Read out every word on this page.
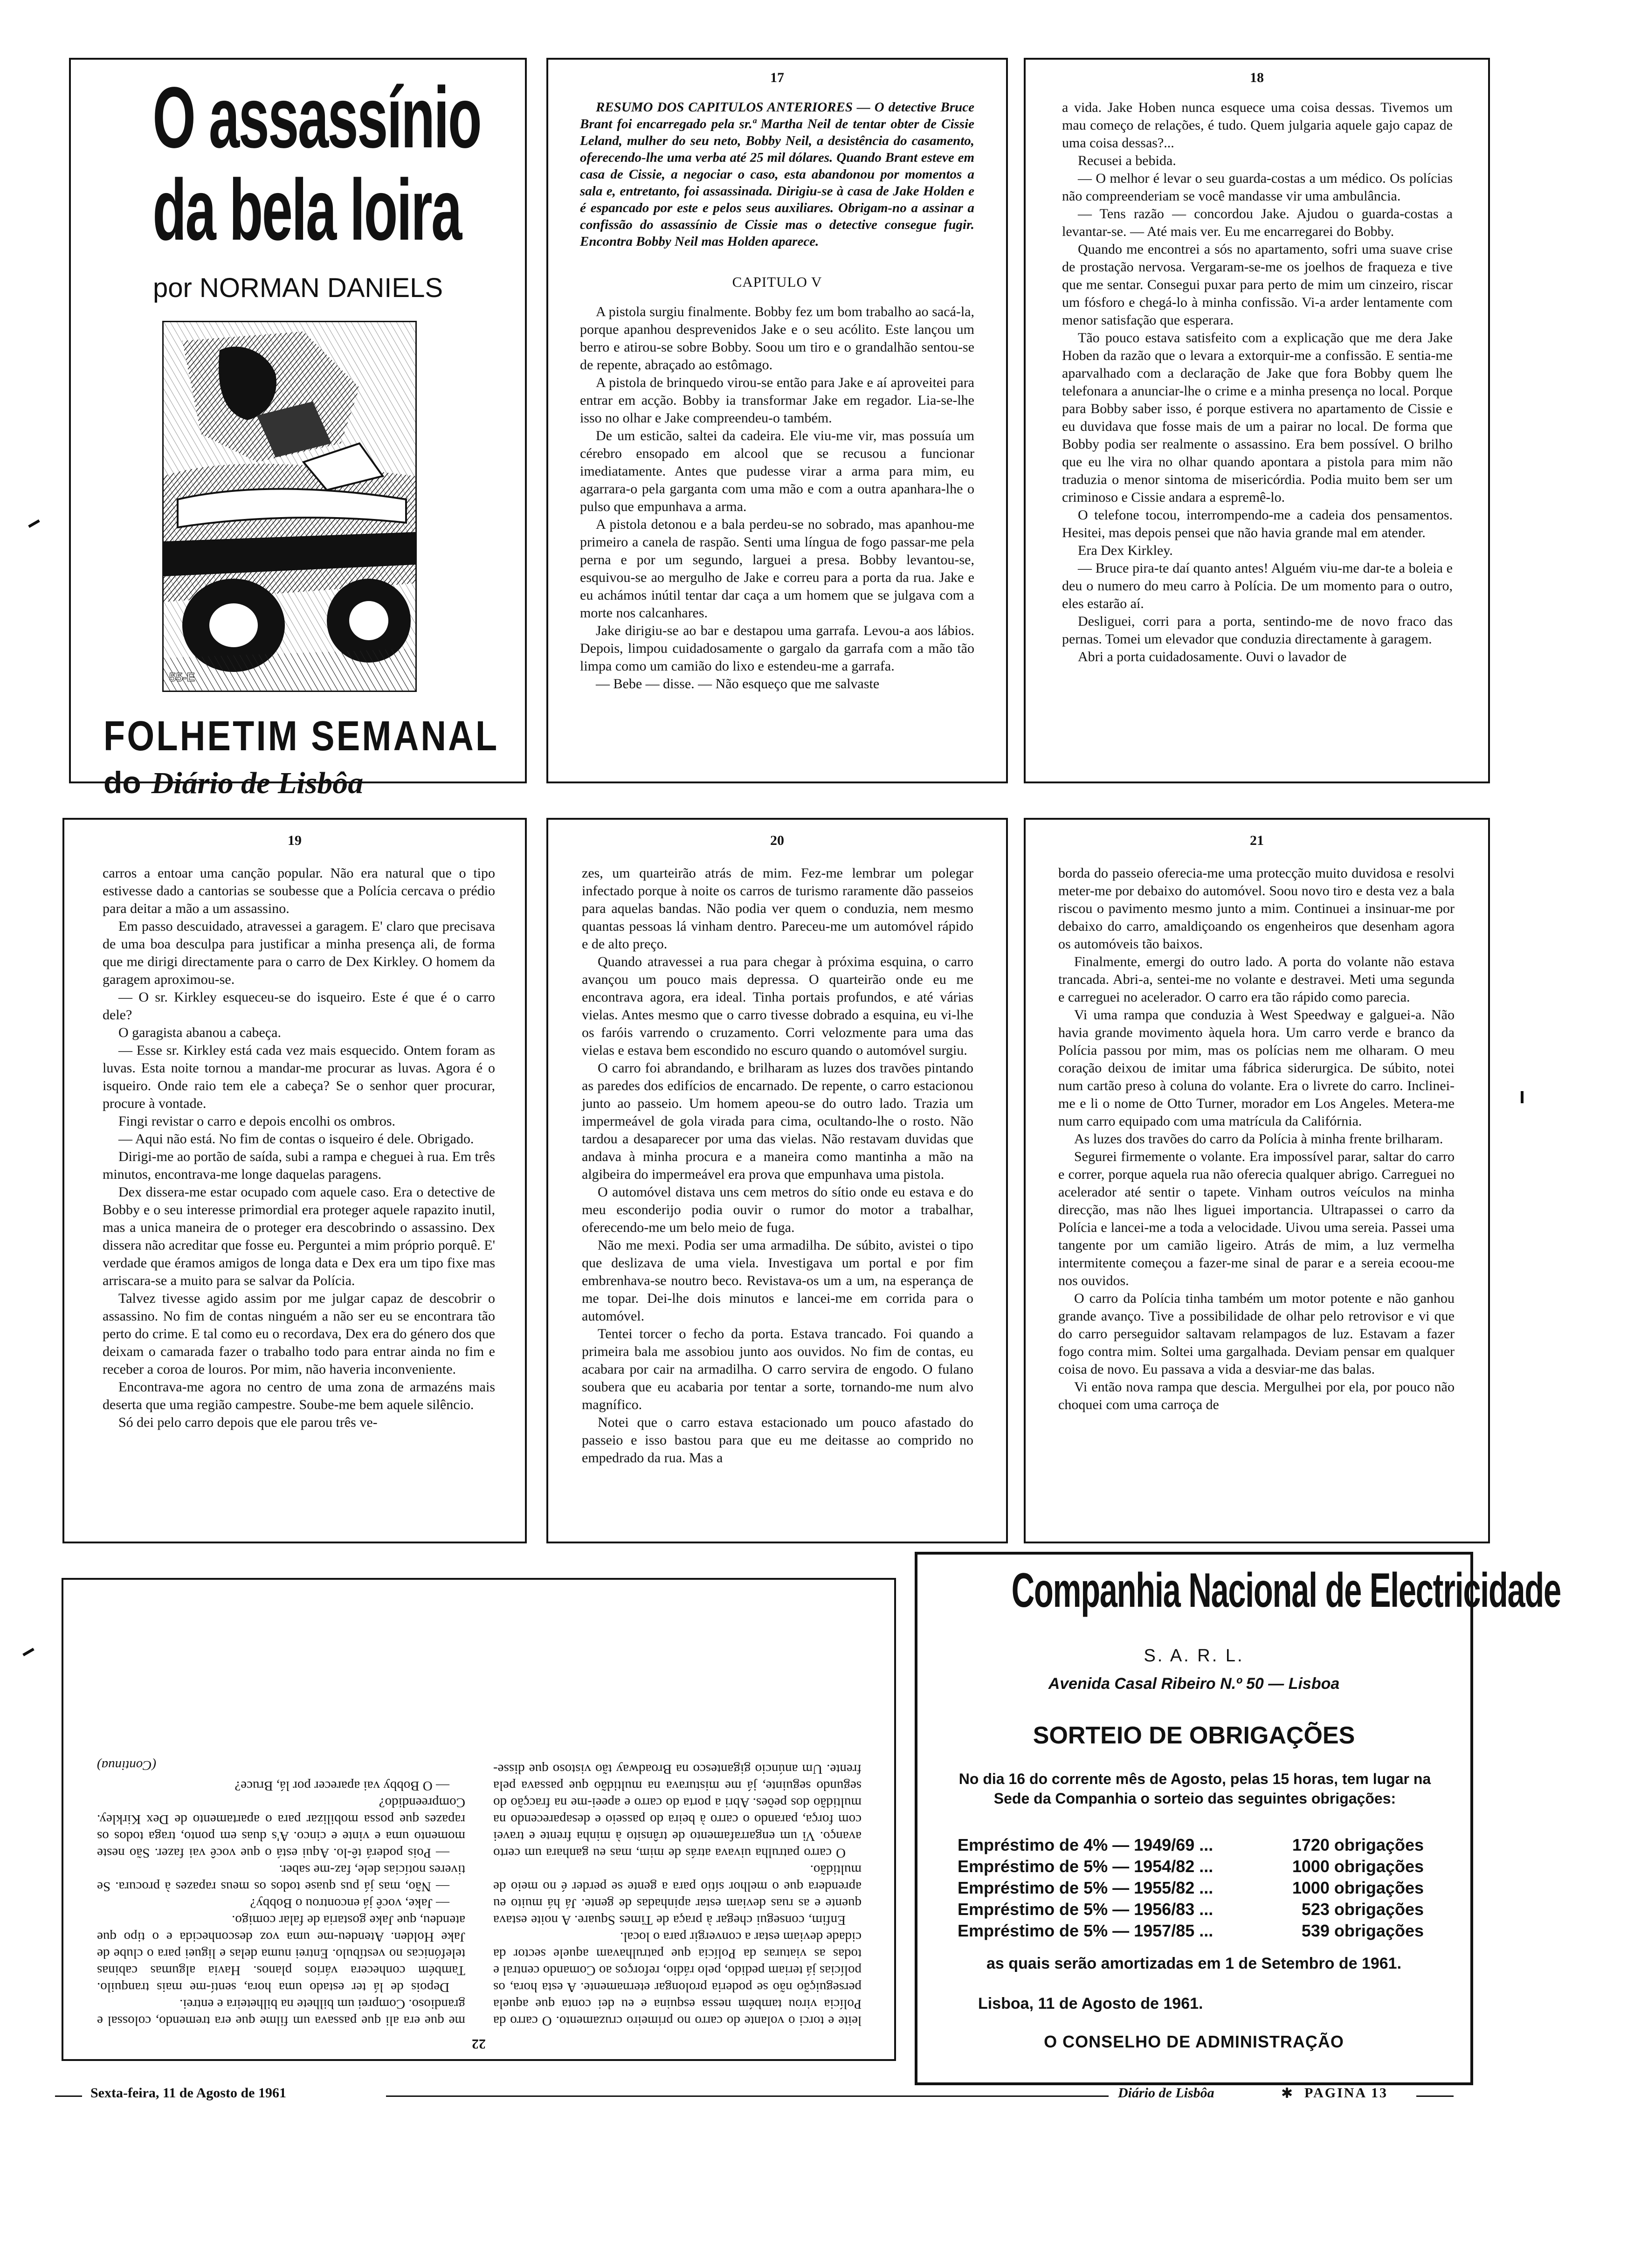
O assassínio
da bela loira
por NORMAN DANIELS
55-E
FOLHETIM SEMANAL
do Diário de Lisbôa
17

RESUMO DOS CAPITULOS ANTERIORES — O detective Bruce Brant foi encarregado pela sr.ª Martha Neil de tentar obter de Cissie Leland, mulher do seu neto, Bobby Neil, a desistência do casamento, oferecendo-lhe uma verba até 25 mil dólares. Quando Brant esteve em casa de Cissie, a negociar o caso, esta abandonou por momentos a sala e, entretanto, foi assassinada. Dirigiu-se à casa de Jake Holden e é espancado por este e pelos seus auxiliares. Obrigam-no a assinar a confissão do assassínio de Cissie mas o detective consegue fugir. Encontra Bobby Neil mas Holden aparece.

CAPITULO V

A pistola surgiu finalmente. Bobby fez um bom trabalho ao sacá-la, porque apanhou desprevenidos Jake e o seu acólito. Este lançou um berro e atirou-se sobre Bobby. Soou um tiro e o grandalhão sentou-se de repente, abraçado ao estômago.

A pistola de brinquedo virou-se então para Jake e aí aproveitei para entrar em acção. Bobby ia transformar Jake em regador. Lia-se-lhe isso no olhar e Jake compreendeu-o também.

De um esticão, saltei da cadeira. Ele viu-me vir, mas possuía um cérebro ensopado em alcool que se recusou a funcionar imediatamente. Antes que pudesse virar a arma para mim, eu agarrara-o pela garganta com uma mão e com a outra apanhara-lhe o pulso que empunhava a arma.

A pistola detonou e a bala perdeu-se no sobrado, mas apanhou-me primeiro a canela de raspão. Senti uma língua de fogo passar-me pela perna e por um segundo, larguei a presa. Bobby levantou-se, esquivou-se ao mergulho de Jake e correu para a porta da rua. Jake e eu achámos inútil tentar dar caça a um homem que se julgava com a morte nos calcanhares.

Jake dirigiu-se ao bar e destapou uma garrafa. Levou-a aos lábios. Depois, limpou cuidadosamente o gargalo da garrafa com a mão tão limpa como um camião do lixo e estendeu-me a garrafa.

— Bebe — disse. — Não esqueço que me salvaste

18

a vida. Jake Hoben nunca esquece uma coisa dessas. Tivemos um mau começo de relações, é tudo. Quem julgaria aquele gajo capaz de uma coisa dessas?...

Recusei a bebida.

— O melhor é levar o seu guarda-costas a um médico. Os polícias não compreenderiam se você mandasse vir uma ambulância.

— Tens razão — concordou Jake. Ajudou o guarda-costas a levantar-se. — Até mais ver. Eu me encarregarei do Bobby.

Quando me encontrei a sós no apartamento, sofri uma suave crise de prostação nervosa. Vergaram-se-me os joelhos de fraqueza e tive que me sentar. Consegui puxar para perto de mim um cinzeiro, riscar um fósforo e chegá-lo à minha confissão. Vi-a arder lentamente com menor satisfação que esperara.

Tão pouco estava satisfeito com a explicação que me dera Jake Hoben da razão que o levara a extorquir-me a confissão. E sentia-me aparvalhado com a declaração de Jake que fora Bobby quem lhe telefonara a anunciar-lhe o crime e a minha presença no local. Porque para Bobby saber isso, é porque estivera no apartamento de Cissie e eu duvidava que fosse mais de um a pairar no local. De forma que Bobby podia ser realmente o assassino. Era bem possível. O brilho que eu lhe vira no olhar quando apontara a pistola para mim não traduzia o menor sintoma de misericórdia. Podia muito bem ser um criminoso e Cissie andara a espremê-lo.

O telefone tocou, interrompendo-me a cadeia dos pensamentos. Hesitei, mas depois pensei que não havia grande mal em atender.

Era Dex Kirkley.

— Bruce pira-te daí quanto antes! Alguém viu-me dar-te a boleia e deu o numero do meu carro à Polícia. De um momento para o outro, eles estarão aí.

Desliguei, corri para a porta, sentindo-me de novo fraco das pernas. Tomei um elevador que conduzia directamente à garagem.

Abri a porta cuidadosamente. Ouvi o lavador de

19

carros a entoar uma canção popular. Não era natural que o tipo estivesse dado a cantorias se soubesse que a Polícia cercava o prédio para deitar a mão a um assassino.

Em passo descuidado, atravessei a garagem. E' claro que precisava de uma boa desculpa para justificar a minha presença ali, de forma que me dirigi directamente para o carro de Dex Kirkley. O homem da garagem aproximou-se.

— O sr. Kirkley esqueceu-se do isqueiro. Este é que é o carro dele?

O garagista abanou a cabeça.

— Esse sr. Kirkley está cada vez mais esquecido. Ontem foram as luvas. Esta noite tornou a mandar-me procurar as luvas. Agora é o isqueiro. Onde raio tem ele a cabeça? Se o senhor quer procurar, procure à vontade.

Fingi revistar o carro e depois encolhi os ombros.

— Aqui não está. No fim de contas o isqueiro é dele. Obrigado.

Dirigi-me ao portão de saída, subi a rampa e cheguei à rua. Em três minutos, encontrava-me longe daquelas paragens.

Dex dissera-me estar ocupado com aquele caso. Era o detective de Bobby e o seu interesse primordial era proteger aquele rapazito inutil, mas a unica maneira de o proteger era descobrindo o assassino. Dex dissera não acreditar que fosse eu. Perguntei a mim próprio porquê. E' verdade que éramos amigos de longa data e Dex era um tipo fixe mas arriscara-se a muito para se salvar da Polícia.

Talvez tivesse agido assim por me julgar capaz de descobrir o assassino. No fim de contas ninguém a não ser eu se encontrara tão perto do crime. E tal como eu o recordava, Dex era do género dos que deixam o camarada fazer o trabalho todo para entrar ainda no fim e receber a coroa de louros. Por mim, não haveria inconveniente.

Encontrava-me agora no centro de uma zona de armazéns mais deserta que uma região campestre. Soube-me bem aquele silêncio.

Só dei pelo carro depois que ele parou três ve-

20

zes, um quarteirão atrás de mim. Fez-me lembrar um polegar infectado porque à noite os carros de turismo raramente dão passeios para aquelas bandas. Não podia ver quem o conduzia, nem mesmo quantas pessoas lá vinham dentro. Pareceu-me um automóvel rápido e de alto preço.

Quando atravessei a rua para chegar à próxima esquina, o carro avançou um pouco mais depressa. O quarteirão onde eu me encontrava agora, era ideal. Tinha portais profundos, e até várias vielas. Antes mesmo que o carro tivesse dobrado a esquina, eu vi-lhe os faróis varrendo o cruzamento. Corri velozmente para uma das vielas e estava bem escondido no escuro quando o automóvel surgiu.

O carro foi abrandando, e brilharam as luzes dos travões pintando as paredes dos edifícios de encarnado. De repente, o carro estacionou junto ao passeio. Um homem apeou-se do outro lado. Trazia um impermeável de gola virada para cima, ocultando-lhe o rosto. Não tardou a desaparecer por uma das vielas. Não restavam duvidas que andava à minha procura e a maneira como mantinha a mão na algibeira do impermeável era prova que empunhava uma pistola.

O automóvel distava uns cem metros do sítio onde eu estava e do meu esconderijo podia ouvir o rumor do motor a trabalhar, oferecendo-me um belo meio de fuga.

Não me mexi. Podia ser uma armadilha. De súbito, avistei o tipo que deslizava de uma viela. Investigava um portal e por fim embrenhava-se noutro beco. Revistava-os um a um, na esperança de me topar. Dei-lhe dois minutos e lancei-me em corrida para o automóvel.

Tentei torcer o fecho da porta. Estava trancado. Foi quando a primeira bala me assobiou junto aos ouvidos. No fim de contas, eu acabara por cair na armadilha. O carro servira de engodo. O fulano soubera que eu acabaria por tentar a sorte, tornando-me num alvo magnífico.

Notei que o carro estava estacionado um pouco afastado do passeio e isso bastou para que eu me deitasse ao comprido no empedrado da rua. Mas a

21

borda do passeio oferecia-me uma protecção muito duvidosa e resolvi meter-me por debaixo do automóvel. Soou novo tiro e desta vez a bala riscou o pavimento mesmo junto a mim. Continuei a insinuar-me por debaixo do carro, amaldiçoando os engenheiros que desenham agora os automóveis tão baixos.

Finalmente, emergi do outro lado. A porta do volante não estava trancada. Abri-a, sentei-me no volante e destravei. Meti uma segunda e carreguei no acelerador. O carro era tão rápido como parecia.

Vi uma rampa que conduzia à West Speedway e galguei-a. Não havia grande movimento àquela hora. Um carro verde e branco da Polícia passou por mim, mas os polícias nem me olharam. O meu coração deixou de imitar uma fábrica siderurgica. De súbito, notei num cartão preso à coluna do volante. Era o livrete do carro. Inclinei-me e li o nome de Otto Turner, morador em Los Angeles. Metera-me num carro equipado com uma matrícula da Califórnia.

As luzes dos travões do carro da Polícia à minha frente brilharam.

Segurei firmemente o volante. Era impossível parar, saltar do carro e correr, porque aquela rua não oferecia qualquer abrigo. Carreguei no acelerador até sentir o tapete. Vinham outros veículos na minha direcção, mas não lhes liguei importancia. Ultrapassei o carro da Polícia e lancei-me a toda a velocidade. Uivou uma sereia. Passei uma tangente por um camião ligeiro. Atrás de mim, a luz vermelha intermitente começou a fazer-me sinal de parar e a sereia ecoou-me nos ouvidos.

O carro da Polícia tinha também um motor potente e não ganhou grande avanço. Tive a possibilidade de olhar pelo retrovisor e vi que do carro perseguidor saltavam relampagos de luz. Estavam a fazer fogo contra mim. Soltei uma gargalhada. Deviam pensar em qualquer coisa de novo. Eu passava a vida a desviar-me das balas.

Vi então nova rampa que descia. Mergulhei por ela, por pouco não choquei com uma carroça de

22

leite e torci o volante do carro no primeiro cruzamento. O carro da Polícia virou também nessa esquina e eu dei conta que aquela perseguição não se poderia prolongar eternamente. A esta hora, os polícias já teriam pedido, pelo rádio, reforços ao Comando central e todas as viaturas da Polícia que patrulhavam aquele sector da cidade deviam estar a convergir para o local.

Enfim, consegui chegar à praça de Times Square. A noite estava quente e as ruas deviam estar apinhadas de gente. Já há muito eu aprendera que o melhor sítio para a gente se perder é no meio de multidão.

O carro patrulha uivava atrás de mim, mas eu ganhara um certo avanço. Vi um engarrafamento de trânsito à minha frente e travei com força, parando o carro à beira do passeio e desaparecendo na multidão dos peões. Abri a porta do carro e apeei-me na fracção do segundo seguinte, já me misturava na multidão que passava pela frente. Um anúncio gigantesco na Broadway tão vistoso que disse-me que era ali que passava um filme que era tremendo, colossal e grandioso. Comprei um bilhete na bilheteira e entrei.

Depois de lá ter estado uma hora, sentí-me mais tranquilo. Também conhecera vários planos. Havia algumas cabinas telefónicas no vestíbulo. Entrei numa delas e liguei para o clube de Jake Holden. Atendeu-me uma voz desconhecida e o tipo que atendeu, que Jake gostaria de falar comigo.

— Jake, você já encontrou o Bobby?

— Não, mas já pus quase todos os meus rapazes à procura. Se tiveres notícias dele, faz-me saber.

— Pois poderá tê-lo. Aqui está o que você vai fazer. São neste momento uma e vinte e cinco. A's duas em ponto, traga todos os rapazes que possa mobilizar para o apartamento de Dex Kirkley. Compreendido?

— O Bobby vai aparecer por lá, Bruce?

(Continua)

Companhia Nacional de Electricidade
S. A. R. L.
Avenida Casal Ribeiro N.º 50 — Lisboa
SORTEIO DE OBRIGAÇÕES
No dia 16 do corrente mês de Agosto, pelas 15 horas, tem lugar na Sede da Companhia o sorteio das seguintes obrigações:
Empréstimo de 4% — 1949/69 ...	1720 obrigações
Empréstimo de 5% — 1954/82 ...	1000 obrigações
Empréstimo de 5% — 1955/82 ...	1000 obrigações
Empréstimo de 5% — 1956/83 ...	523 obrigações
Empréstimo de 5% — 1957/85 ...	539 obrigações
as quais serão amortizadas em 1 de Setembro de 1961.
Lisboa, 11 de Agosto de 1961.
O CONSELHO DE ADMINISTRAÇÃO
Sexta-feira, 11 de Agosto de 1961	Diário de Lisbôa	✱ PAGINA 13
